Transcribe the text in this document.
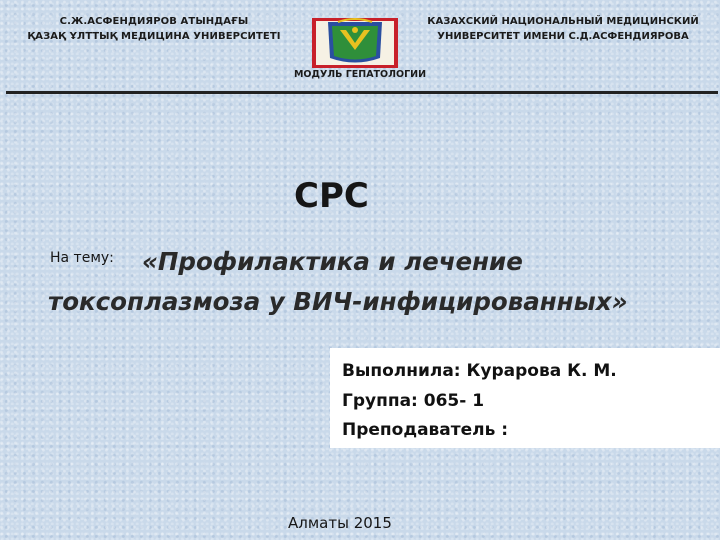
С.Ж.АСФЕНДИЯРОВ АТЫНДАҒЫ
ҚАЗАҚ ҰЛТТЫҚ МЕДИЦИНА УНИВЕРСИТЕТІ
КАЗАХСКИЙ НАЦИОНАЛЬНЫЙ МЕДИЦИНСКИЙ
УНИВЕРСИТЕТ ИМЕНИ С.Д.АСФЕНДИЯРОВА
МОДУЛЬ ГЕПАТОЛОГИИ
СРС
На тему:	«Профилактика и лечение
токсоплазмоза у ВИЧ-инфицированных»
Выполнила: Курарова К. М.
Группа: 065- 1
Преподаватель :
Алматы 2015
